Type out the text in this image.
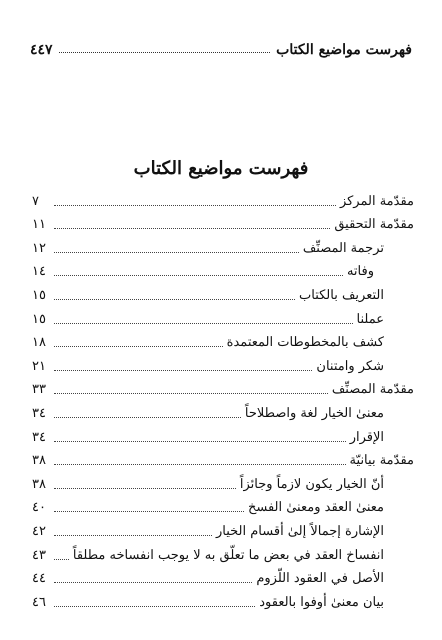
فهرست مواضيع الكتاب
٤٤٧
فهرست مواضيع الكتاب
مقدّمة المركز
٧
مقدّمة التحقيق
١١
ترجمة المصنِّف
١٢
وفاته
١٤
التعريف بالكتاب
١٥
عملنا
١٥
كشف بالمخطوطات المعتمدة
١٨
شكر وامتنان
٢١
مقدّمة المصنِّف
٣٣
معنىٰ الخيار لغة واصطلاحاً
٣٤
الإقرار
٣٤
مقدّمة بيانيّة
٣٨
أنّ الخيار يكون لازماً وجائزاً
٣٨
معنىٰ العقد ومعنىٰ الفسخ
٤٠
الإشارة إجمالاً إلىٰ أقسام الخيار
٤٢
انفساخ العقد في بعض ما تعلّق به لا يوجب انفساخه مطلقاً
٤٣
الأصل في العقود اللّزوم
٤٤
بيان معنىٰ أوفوا بالعقود
٤٦
